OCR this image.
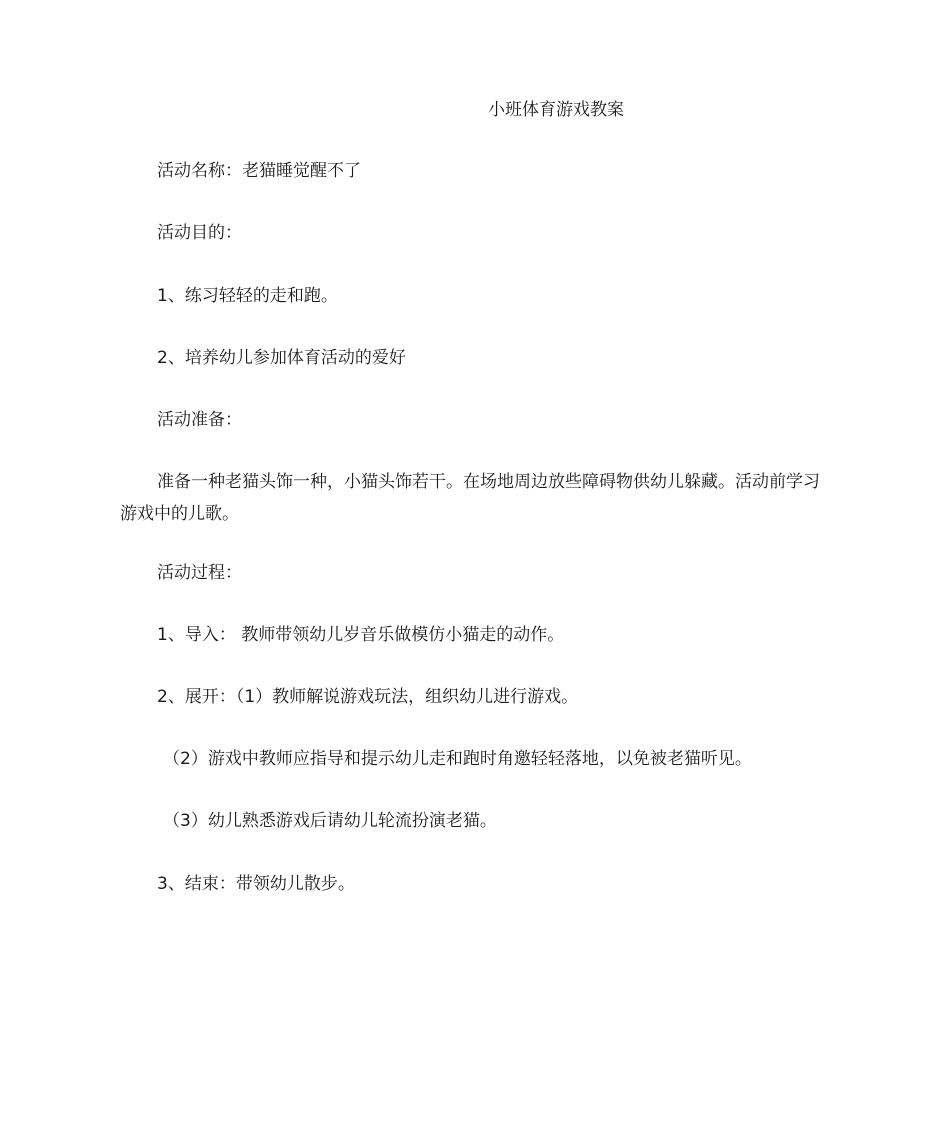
小班体育游戏教案
活动名称：老猫睡觉醒不了
活动目的：
1、练习轻轻的走和跑。
2、培养幼儿参加体育活动的爱好
活动准备：
准备一种老猫头饰一种，小猫头饰若干。在场地周边放些障碍物供幼儿躲藏。活动前学习游戏中的儿歌。
活动过程：
1、导入： 教师带领幼儿岁音乐做模仿小猫走的动作。
2、展开：（1）教师解说游戏玩法，组织幼儿进行游戏。
（2）游戏中教师应指导和提示幼儿走和跑时角邀轻轻落地，以免被老猫听见。
（3）幼儿熟悉游戏后请幼儿轮流扮演老猫。
3、结束：带领幼儿散步。
